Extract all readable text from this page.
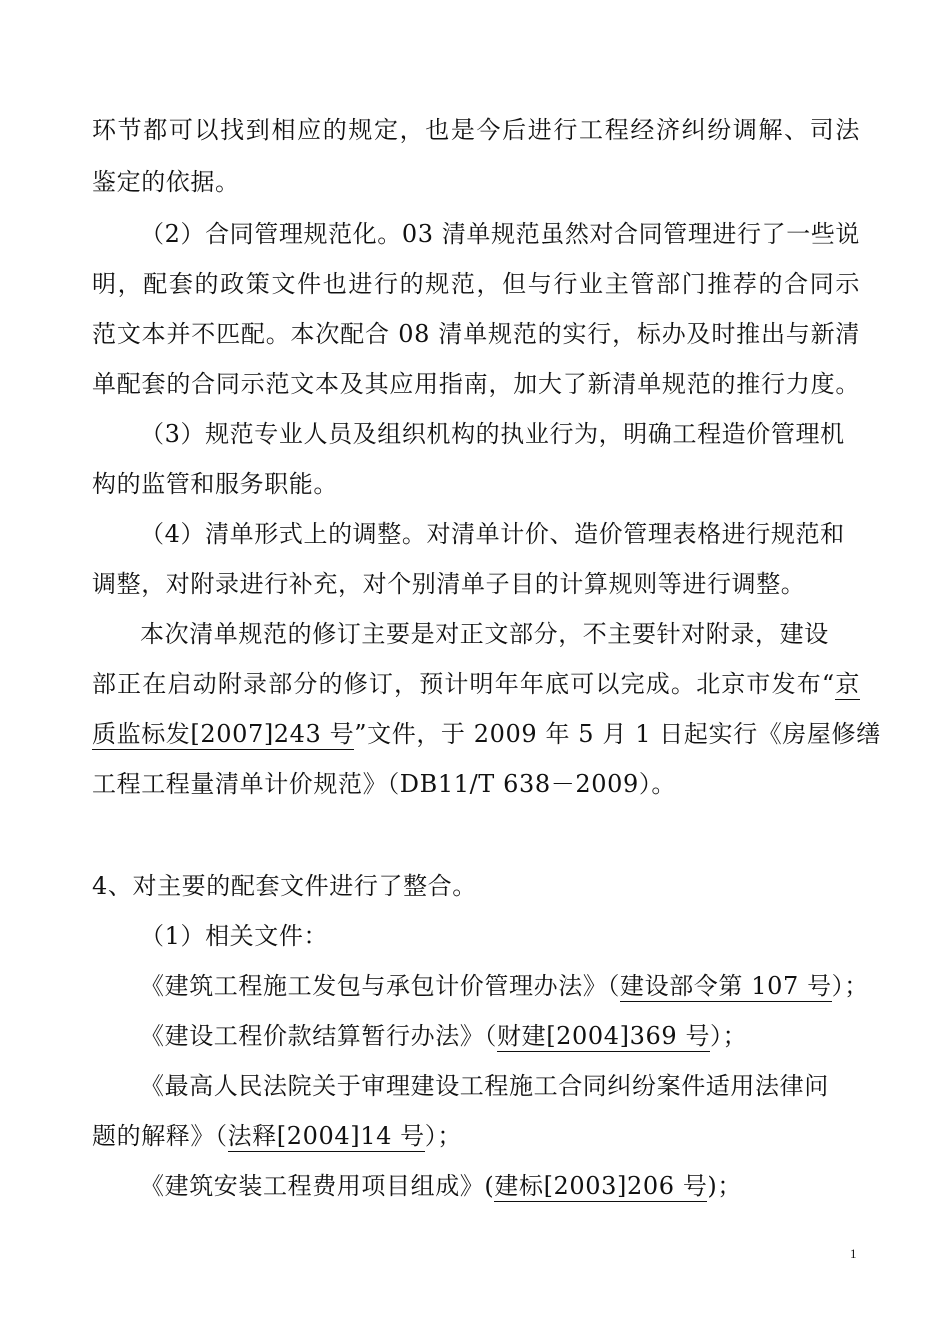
环节都可以找到相应的规定，也是今后进行工程经济纠纷调解、司法
鉴定的依据。
（2）合同管理规范化。03 清单规范虽然对合同管理进行了一些说
明，配套的政策文件也进行的规范，但与行业主管部门推荐的合同示
范文本并不匹配。本次配合 08 清单规范的实行，标办及时推出与新清
单配套的合同示范文本及其应用指南，加大了新清单规范的推行力度。
（3）规范专业人员及组织机构的执业行为，明确工程造价管理机
构的监管和服务职能。
（4）清单形式上的调整。对清单计价、造价管理表格进行规范和
调整，对附录进行补充，对个别清单子目的计算规则等进行调整。
本次清单规范的修订主要是对正文部分，不主要针对附录，建设
部正在启动附录部分的修订，预计明年年底可以完成。北京市发布“京
质监标发[2007]243 号”文件，于 2009 年 5 月 1 日起实行《房屋修缮
工程工程量清单计价规范》（DB11/T 638－2009）。
4、对主要的配套文件进行了整合。
（1）相关文件：
《建筑工程施工发包与承包计价管理办法》（建设部令第 107 号）；
《建设工程价款结算暂行办法》（财建[2004]369 号）；
《最高人民法院关于审理建设工程施工合同纠纷案件适用法律问
题的解释》（法释[2004]14 号）；
《建筑安装工程费用项目组成》(建标[2003]206 号)；
1
